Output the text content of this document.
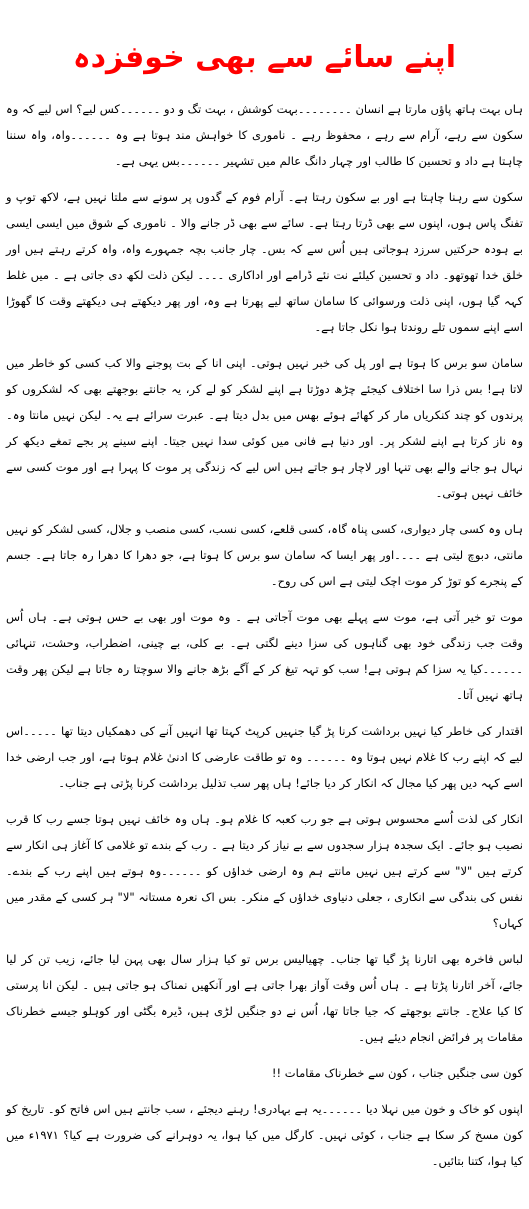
اپنے سائے سے بھی خوفزدہ

ہاں بہت ہاتھ پاؤں مارتا ہے انسان ۔۔۔۔۔۔۔۔بہت کوشش ، بہت تگ و دو ۔۔۔۔۔۔کس لیے؟ اس لیے کہ وہ سکون سے رہے، آرام سے رہے ، محفوظ رہے ۔ ناموری کا خواہش مند ہوتا ہے وہ ۔۔۔۔۔۔واہ، واہ سننا چاہتا ہے داد و تحسین کا طالب اور چہار دانگ عالم میں تشہیر ۔۔۔۔۔۔بس یہی ہے۔

سکون سے رہنا چاہتا ہے اور بے سکون رہتا ہے۔ آرام فوم کے گدوں پر سونے سے ملتا نہیں ہے، لاکھ توپ و تفنگ پاس ہوں، اپنوں سے بھی ڈرتا رہتا ہے۔ سائے سے بھی ڈر جانے والا ۔ ناموری کے شوق میں ایسی ایسی بے ہودہ حرکتیں سرزد ہوجاتی ہیں اُس سے کہ بس۔ چار جانب بچہ جمہورے واہ، واہ کرتے رہتے ہیں اور خلق خدا تھوتھو۔ داد و تحسین کیلئے نت نئے ڈرامے اور اداکاری ۔۔۔۔ لیکن ذلت لکھ دی جاتی ہے ۔ میں غلط کہہ گیا ہوں، اپنی ذلت ورسوائی کا سامان ساتھ لیے پھرتا ہے وہ، اور پھر دیکھتے ہی دیکھتے وقت کا گھوڑا اسے اپنے سموں تلے روندتا ہوا نکل جاتا ہے۔

سامان سو برس کا ہوتا ہے اور پل کی خبر نہیں ہوتی۔ اپنی انا کے بت پوجنے والا کب کسی کو خاطر میں لاتا ہے! بس ذرا سا اختلاف کیجئے چڑھ دوڑتا ہے اپنے لشکر کو لے کر، یہ جانتے بوجھتے بھی کہ لشکروں کو پرندوں کو چند کنکریاں مار کر کھائے ہوئے بھس میں بدل دیتا ہے۔ عبرت سرائے ہے یہ۔ لیکن نہیں مانتا وہ۔ وہ ناز کرتا ہے اپنے لشکر پر۔ اور دنیا ہے فانی میں کوئی سدا نہیں جیتا۔ اپنے سینے پر بجے تمغے دیکھ کر نہال ہو جانے والے بھی تنہا اور لاچار ہو جاتے ہیں اس لیے کہ زندگی پر موت کا پہرا ہے اور موت کسی سے خائف نہیں ہوتی۔

ہاں وہ کسی چار دیواری، کسی پناہ گاہ، کسی قلعے، کسی نسب، کسی منصب و جلال، کسی لشکر کو نہیں مانتی، دبوچ لیتی ہے ۔۔۔۔اور پھر ایسا کہ سامان سو برس کا ہوتا ہے، جو دھرا کا دھرا رہ جاتا ہے۔ جسم کے پنجرے کو توڑ کر موت اچک لیتی ہے اس کی روح۔

موت تو خیر آتی ہے، موت سے پہلے بھی موت آجاتی ہے ۔ وہ موت اور بھی بے حس ہوتی ہے۔ ہاں اُس وقت جب زندگی خود بھی گناہوں کی سزا دینے لگتی ہے۔ بے کلی، بے چینی، اضطراب، وحشت، تنہائی ۔۔۔۔۔۔کیا یہ سزا کم ہوتی ہے! سب کو تہہ تیغ کر کے آگے بڑھ جانے والا سوچتا رہ جاتا ہے لیکن پھر وقت ہاتھ نہیں آتا۔

اقتدار کی خاطر کیا نہیں برداشت کرنا پڑ گیا جنہیں کرپٹ کہتا تھا انہیں آنے کی دھمکیاں دیتا تھا ۔۔۔۔۔اس لیے کہ اپنے رب کا غلام نہیں ہوتا وہ ۔۔۔۔۔۔ وہ تو طاقت عارضی کا ادنیٰ غلام ہوتا ہے، اور جب ارضی خدا اسے کہہ دیں پھر کیا مجال کہ انکار کر دیا جائے! ہاں پھر سب تذلیل برداشت کرنا پڑتی ہے جناب۔

انکار کی لذت اُسے محسوس ہوتی ہے جو رب کعبہ کا غلام ہو۔ ہاں وہ خائف نہیں ہوتا جسے رب کا قرب نصیب ہو جائے۔ ایک سجدہ ہزار سجدوں سے بے نیاز کر دیتا ہے ۔ رب کے بندے تو غلامی کا آغاز ہی انکار سے کرتے ہیں "لا" سے کرتے ہیں نہیں مانتے ہم وہ ارضی خداؤں کو ۔۔۔۔۔۔وہ ہوتے ہیں اپنے رب کے بندے۔ نفس کی بندگی سے انکاری ، جعلی دنیاوی خداؤں کے منکر۔ بس اک نعرہ مستانہ "لا" ہر کسی کے مقدر میں کہاں؟

لباس فاخرہ بھی اتارنا پڑ گیا تھا جناب۔ چھیالیس برس تو کیا ہزار سال بھی پہن لیا جائے، زیب تن کر لیا جائے، آخر اتارنا پڑتا ہے ۔ ہاں اُس وقت آواز بھرا جاتی ہے اور آنکھیں نمناک ہو جاتی ہیں ۔ لیکن انا پرستی کا کیا علاج۔ جانتے بوجھتے کہ جیا جاتا تھا، اُس نے دو جنگیں لڑی ہیں، ڈیرہ بگٹی اور کوہلو جیسے خطرناک مقامات پر فرائض انجام دیئے ہیں۔

کون سی جنگیں جناب ، کون سے خطرناک مقامات !!

اپنوں کو خاک و خون میں نہلا دیا ۔۔۔۔۔۔یہ ہے بہادری! رہنے دیجئے ، سب جانتے ہیں اس فاتح کو۔ تاریخ کو کون مسخ کر سکا ہے جناب ، کوئی نہیں۔ کارگل میں کیا ہوا، یہ دوہرانے کی ضرورت ہے کیا؟ ۱۹۷۱ء میں کیا ہوا، کتنا بتائیں۔
